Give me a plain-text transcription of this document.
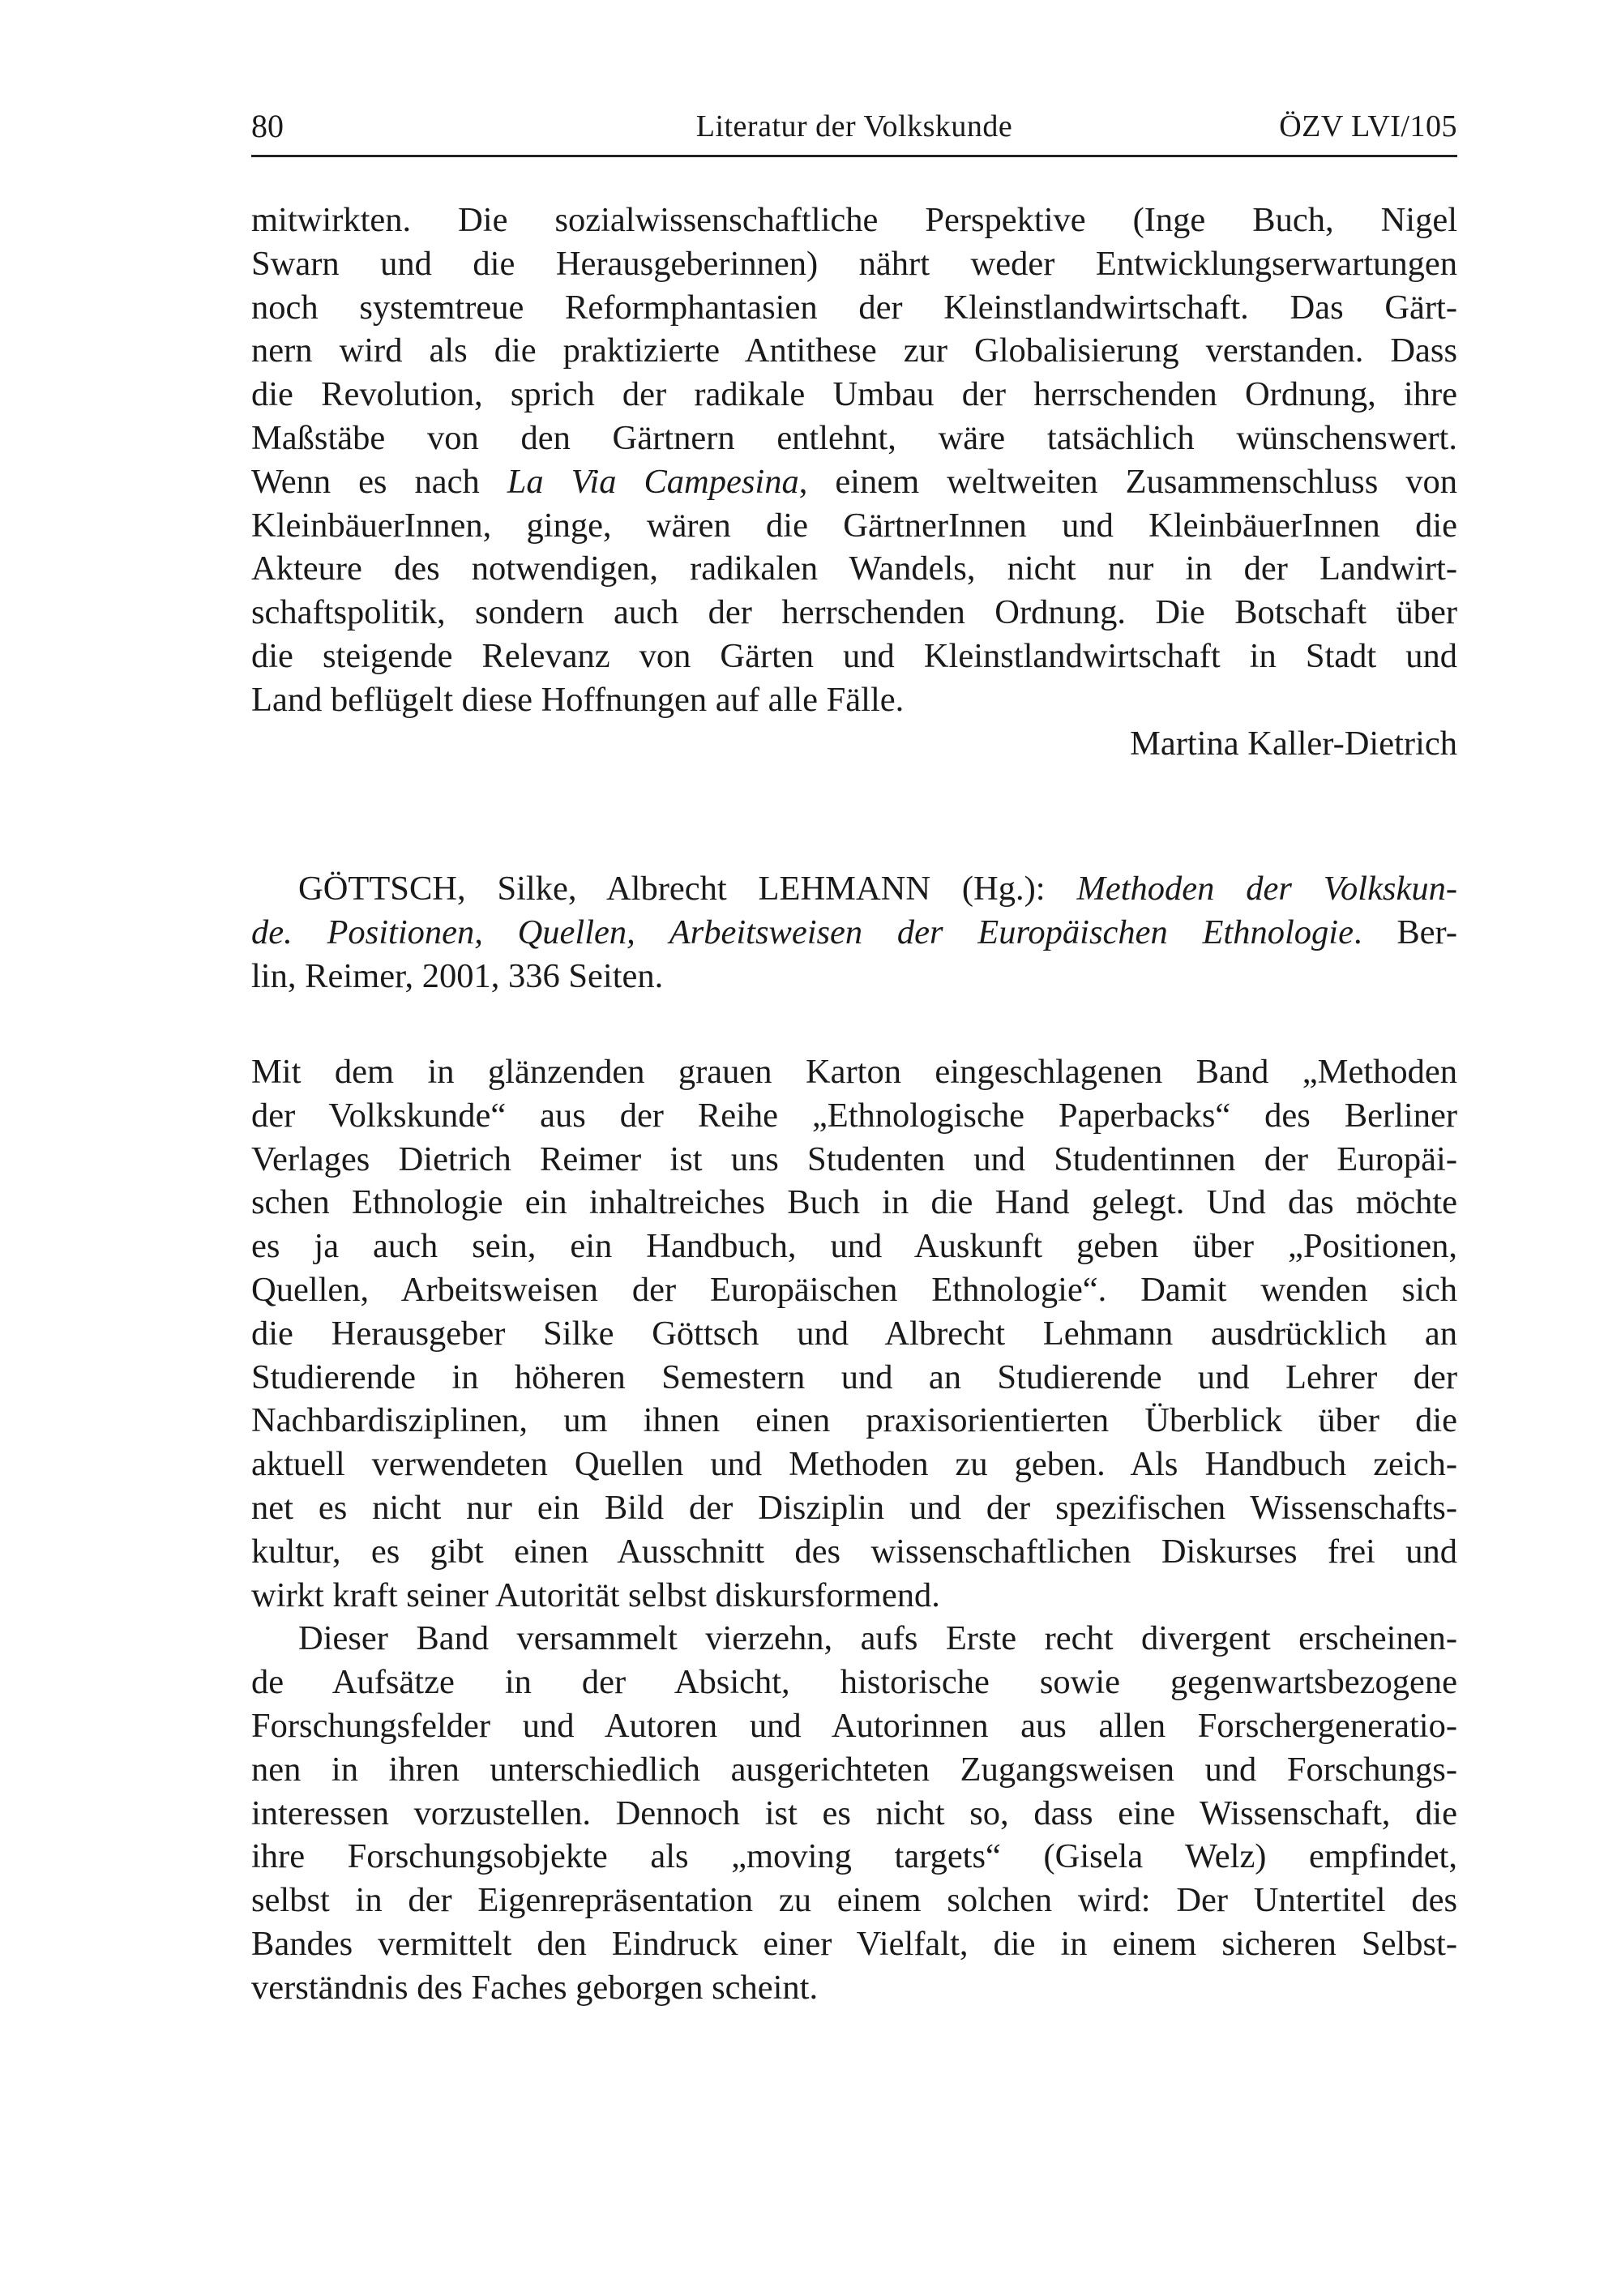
80	Literatur der Volkskunde	ÖZV LVI/105
mitwirkten. Die sozialwissenschaftliche Perspektive (Inge Buch, Nigel
Swarn und die Herausgeberinnen) nährt weder Entwicklungserwartungen
noch systemtreue Reformphantasien der Kleinstlandwirtschaft. Das Gärt-
nern wird als die praktizierte Antithese zur Globalisierung verstanden. Dass
die Revolution, sprich der radikale Umbau der herrschenden Ordnung, ihre
Maßstäbe von den Gärtnern entlehnt, wäre tatsächlich wünschenswert.
Wenn es nach La Via Campesina, einem weltweiten Zusammenschluss von
KleinbäuerInnen, ginge, wären die GärtnerInnen und KleinbäuerInnen die
Akteure des notwendigen, radikalen Wandels, nicht nur in der Landwirt-
schaftspolitik, sondern auch der herrschenden Ordnung. Die Botschaft über
die steigende Relevanz von Gärten und Kleinstlandwirtschaft in Stadt und
Land beflügelt diese Hoffnungen auf alle Fälle.
Martina Kaller-Dietrich
GÖTTSCH, Silke, Albrecht LEHMANN (Hg.): Methoden der Volkskun-
de. Positionen, Quellen, Arbeitsweisen der Europäischen Ethnologie. Ber-
lin, Reimer, 2001, 336 Seiten.
Mit dem in glänzenden grauen Karton eingeschlagenen Band „Methoden
der Volkskunde“ aus der Reihe „Ethnologische Paperbacks“ des Berliner
Verlages Dietrich Reimer ist uns Studenten und Studentinnen der Europäi-
schen Ethnologie ein inhaltreiches Buch in die Hand gelegt. Und das möchte
es ja auch sein, ein Handbuch, und Auskunft geben über „Positionen,
Quellen, Arbeitsweisen der Europäischen Ethnologie“. Damit wenden sich
die Herausgeber Silke Göttsch und Albrecht Lehmann ausdrücklich an
Studierende in höheren Semestern und an Studierende und Lehrer der
Nachbardisziplinen, um ihnen einen praxisorientierten Überblick über die
aktuell verwendeten Quellen und Methoden zu geben. Als Handbuch zeich-
net es nicht nur ein Bild der Disziplin und der spezifischen Wissenschafts-
kultur, es gibt einen Ausschnitt des wissenschaftlichen Diskurses frei und
wirkt kraft seiner Autorität selbst diskursformend.
Dieser Band versammelt vierzehn, aufs Erste recht divergent erscheinen-
de Aufsätze in der Absicht, historische sowie gegenwartsbezogene
Forschungsfelder und Autoren und Autorinnen aus allen Forschergeneratio-
nen in ihren unterschiedlich ausgerichteten Zugangsweisen und Forschungs-
interessen vorzustellen. Dennoch ist es nicht so, dass eine Wissenschaft, die
ihre Forschungsobjekte als „moving targets“ (Gisela Welz) empfindet,
selbst in der Eigenrepräsentation zu einem solchen wird: Der Untertitel des
Bandes vermittelt den Eindruck einer Vielfalt, die in einem sicheren Selbst-
verständnis des Faches geborgen scheint.
